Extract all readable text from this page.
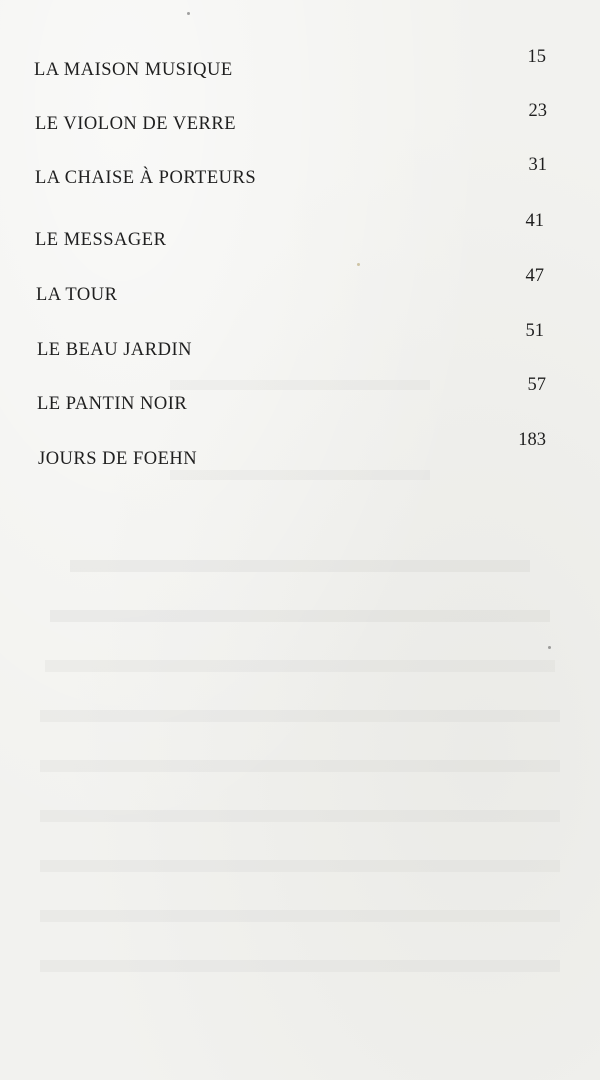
LA MAISON MUSIQUE
15
LE VIOLON DE VERRE
23
LA CHAISE À PORTEURS
31
LE MESSAGER
41
LA TOUR
47
LE BEAU JARDIN
51
LE PANTIN NOIR
57
JOURS DE FOEHN
183
